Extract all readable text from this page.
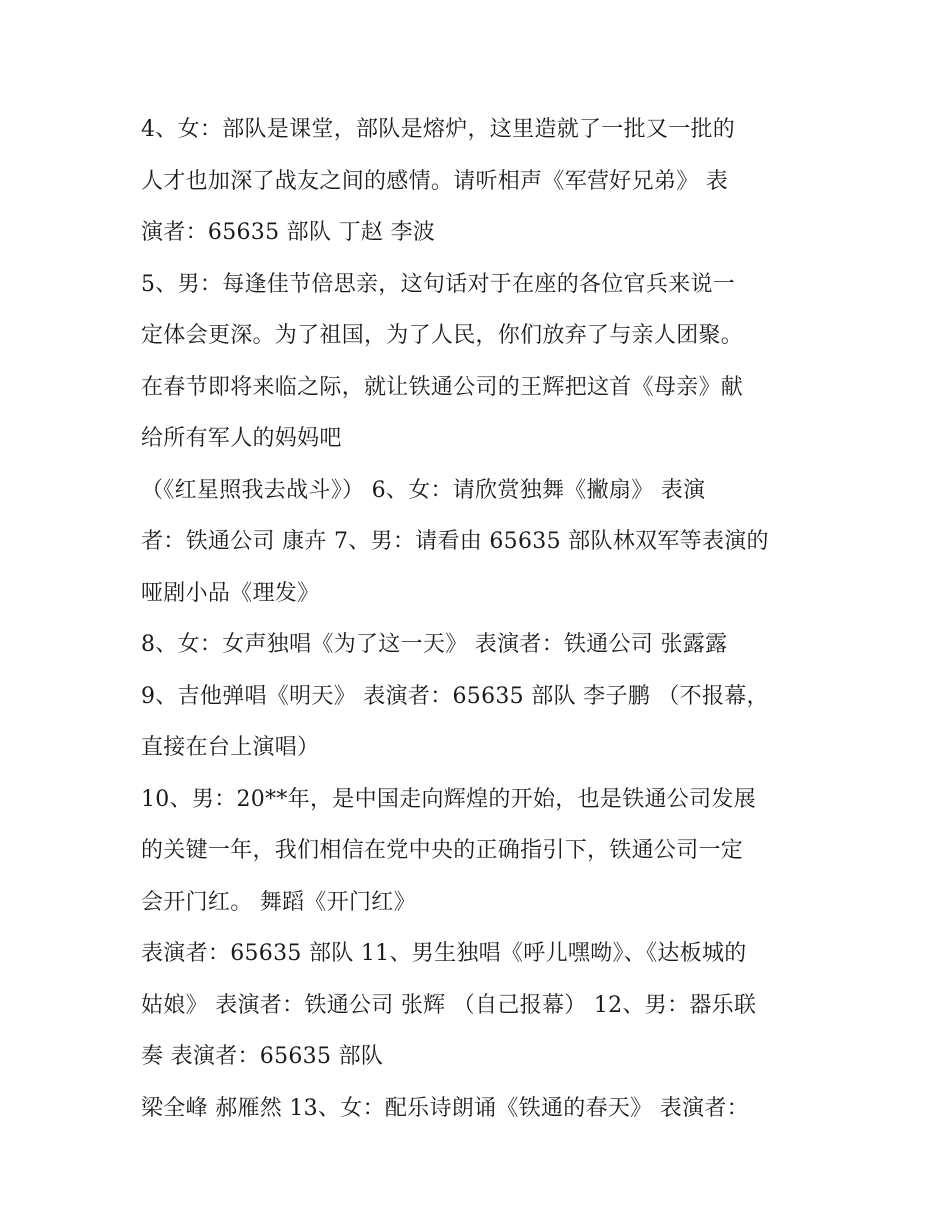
4、女：部队是课堂，部队是熔炉，这里造就了一批又一批的
人才也加深了战友之间的感情。请听相声《军营好兄弟》 表
演者：65635 部队 丁赵 李波
5、男：每逢佳节倍思亲，这句话对于在座的各位官兵来说一
定体会更深。为了祖国，为了人民，你们放弃了与亲人团聚。
在春节即将来临之际，就让铁通公司的王辉把这首《母亲》献
给所有军人的妈妈吧
（《红星照我去战斗》） 6、女：请欣赏独舞《撇扇》 表演
者：铁通公司 康卉 7、男：请看由 65635 部队林双军等表演的
哑剧小品《理发》
8、女：女声独唱《为了这一天》 表演者：铁通公司 张露露
9、吉他弹唱《明天》 表演者：65635 部队 李子鹏 （不报幕，
直接在台上演唱）
10、男：20**年，是中国走向辉煌的开始，也是铁通公司发展
的关键一年，我们相信在党中央的正确指引下，铁通公司一定
会开门红。 舞蹈《开门红》
表演者：65635 部队 11、男生独唱《呼儿嘿呦》、《达板城的
姑娘》 表演者：铁通公司 张辉 （自己报幕） 12、男：器乐联
奏 表演者：65635 部队
梁全峰 郝雁然 13、女：配乐诗朗诵《铁通的春天》 表演者：
